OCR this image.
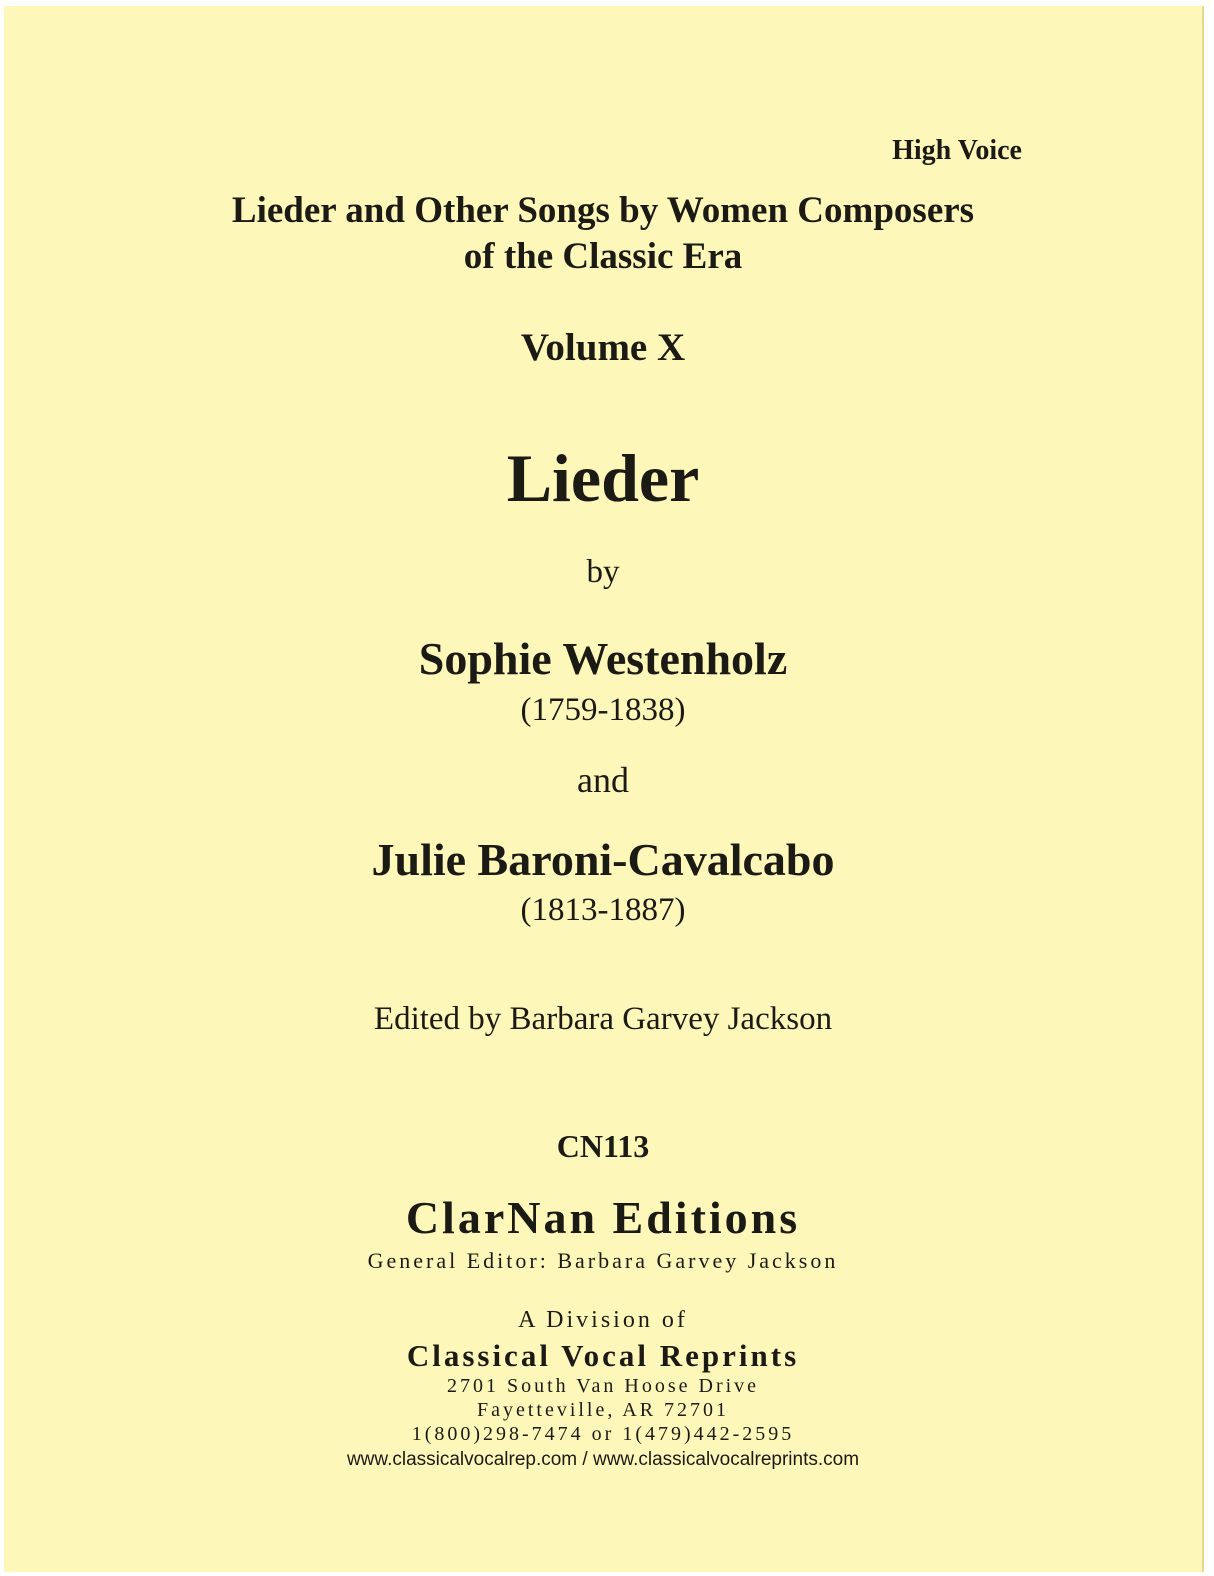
High Voice
Lieder and Other Songs by Women Composers
of the Classic Era
Volume X
Lieder
by
Sophie Westenholz
(1759-1838)
and
Julie Baroni-Cavalcabo
(1813-1887)
Edited by Barbara Garvey Jackson
CN113
ClarNan Editions
General Editor: Barbara Garvey Jackson
A Division of
Classical Vocal Reprints
2701 South Van Hoose Drive
Fayetteville, AR 72701
1(800)298-7474 or 1(479)442-2595
www.classicalvocalrep.com / www.classicalvocalreprints.com
